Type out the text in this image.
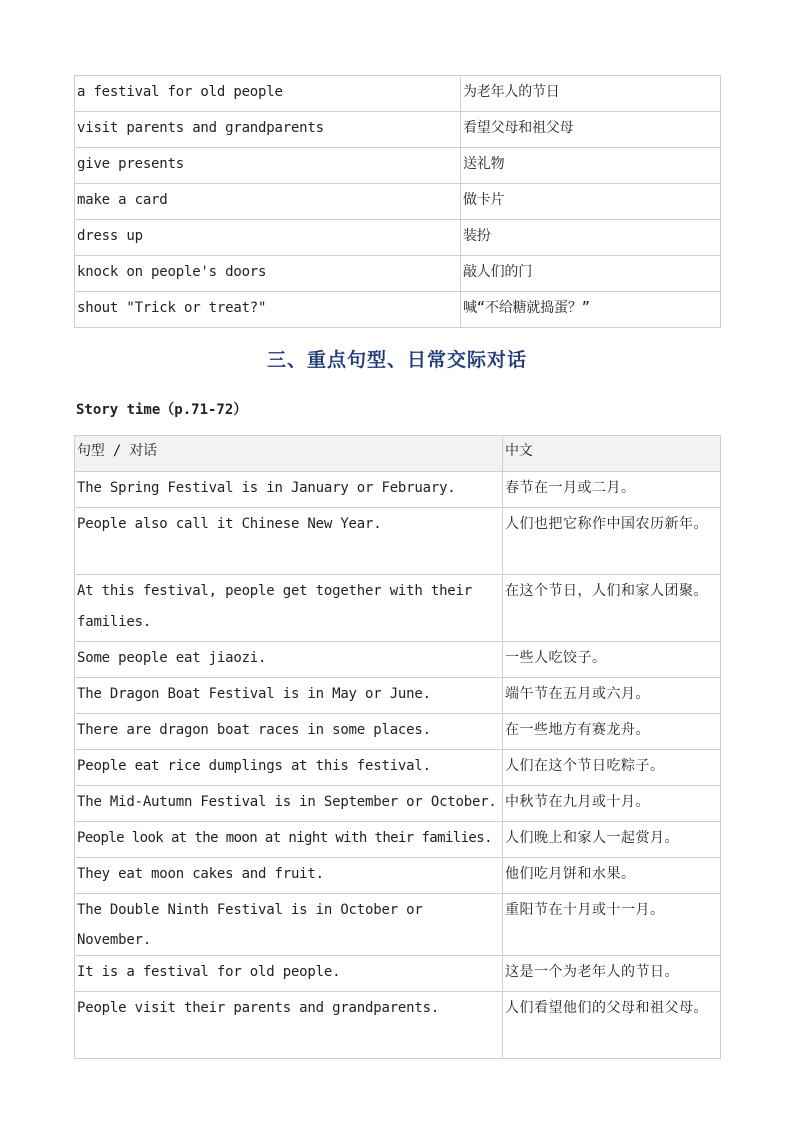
a festival for old people	为老年人的节日
visit parents and grandparents	看望父母和祖父母
give presents	送礼物
make a card	做卡片
dress up	装扮
knock on people's doors	敲人们的门
shout "Trick or treat?"	喊“不给糖就捣蛋？”
三、重点句型、日常交际对话
Story time（p.71-72）
句型 / 对话	中文
The Spring Festival is in January or February.	春节在一月或二月。
People also call it Chinese New Year.	人们也把它称作中国农历新年。
At this festival, people get together with their families.	在这个节日，人们和家人团聚。
Some people eat jiaozi.	一些人吃饺子。
The Dragon Boat Festival is in May or June.	端午节在五月或六月。
There are dragon boat races in some places.	在一些地方有赛龙舟。
People eat rice dumplings at this festival.	人们在这个节日吃粽子。
The Mid-Autumn Festival is in September or October.	中秋节在九月或十月。
People look at the moon at night with their families.	人们晚上和家人一起赏月。
They eat moon cakes and fruit.	他们吃月饼和水果。
The Double Ninth Festival is in October or November.	重阳节在十月或十一月。
It is a festival for old people.	这是一个为老年人的节日。
People visit their parents and grandparents.	人们看望他们的父母和祖父母。
